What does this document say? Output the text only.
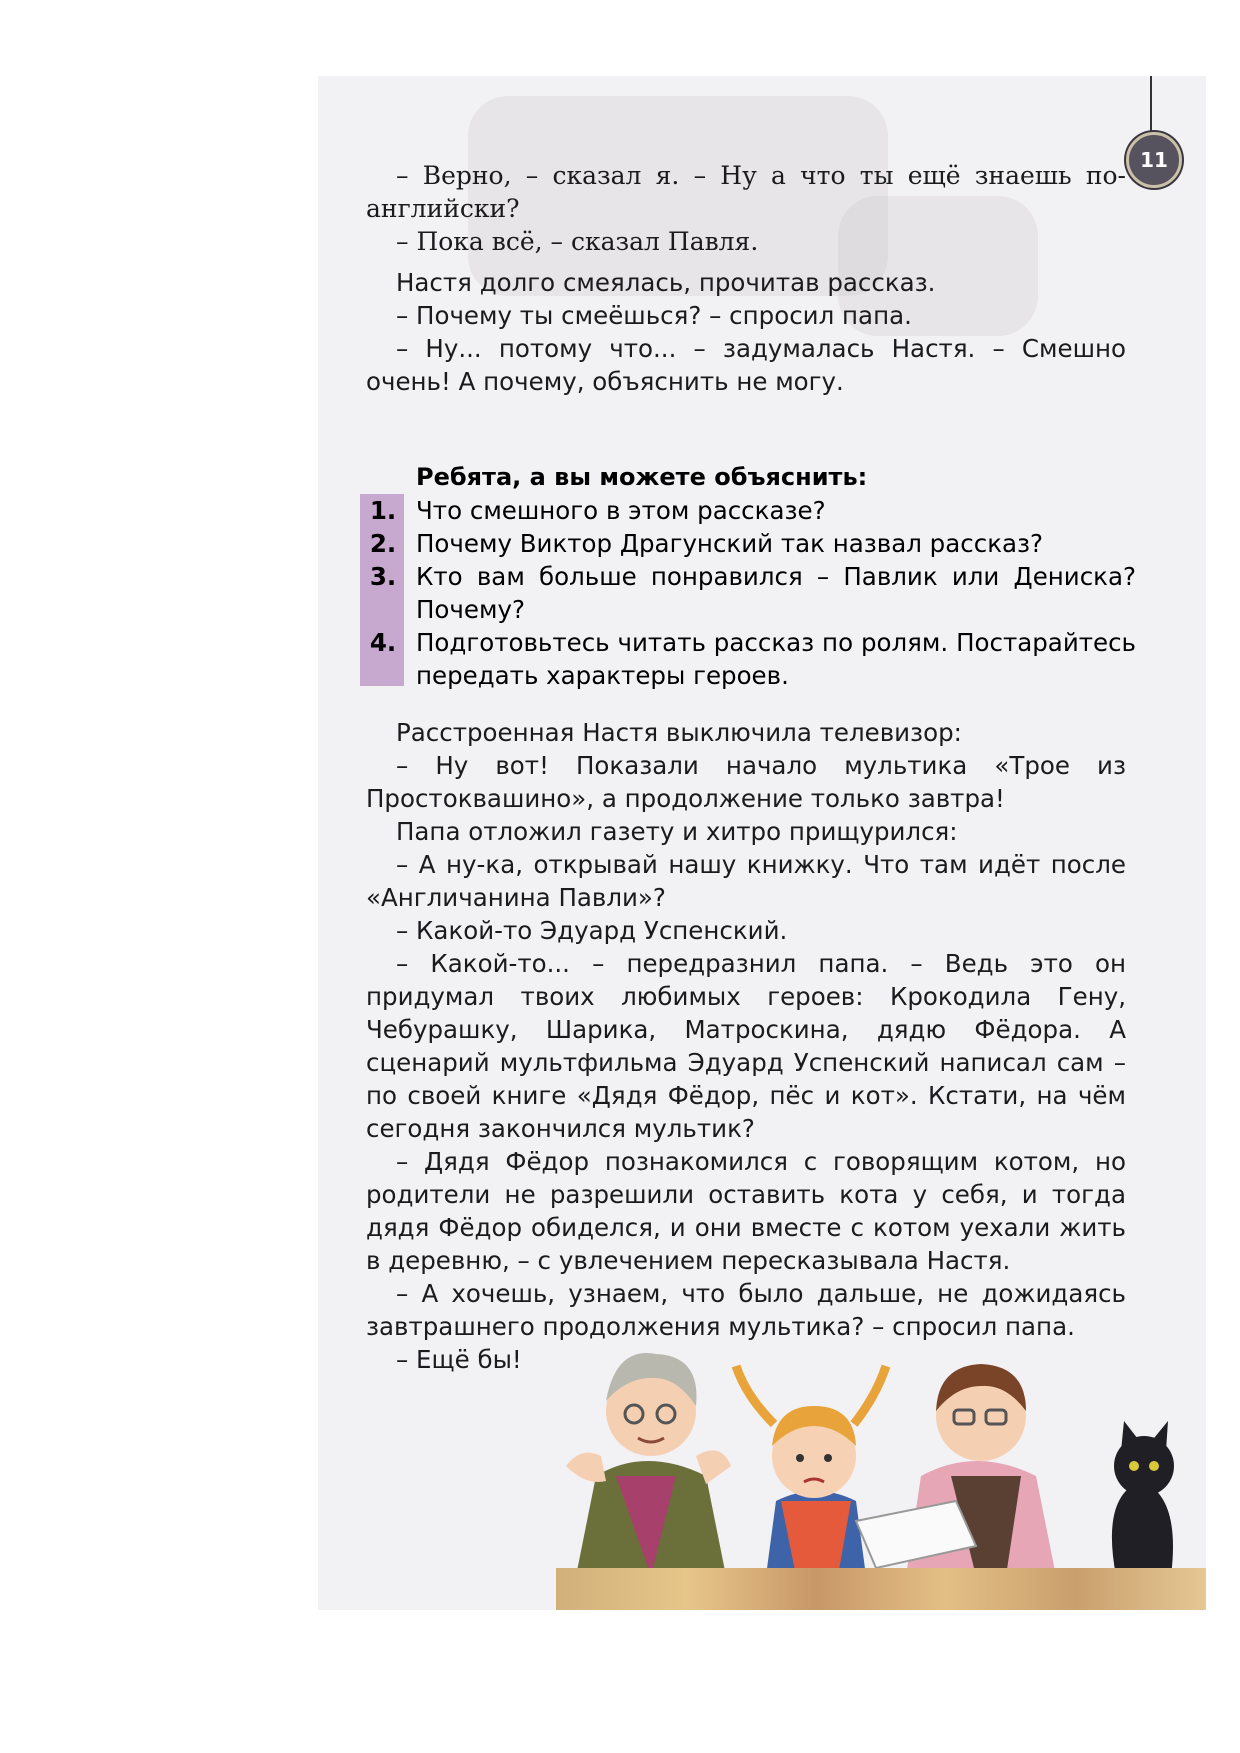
11

– Верно, – сказал я. – Ну а что ты ещё знаешь по-английски?

– Пока всё, – сказал Павля.

Настя долго смеялась, прочитав рассказ.

– Почему ты смеёшься? – спросил папа.

– Ну... потому что... – задумалась Настя. – Смешно очень! А почему, объяснить не могу.

Ребята, а вы можете объяснить:
1. Что смешного в этом рассказе?
2. Почему Виктор Драгунский так назвал рассказ?
3. Кто вам больше понравился – Павлик или Дениска? Почему?
4. Подготовьтесь читать рассказ по ролям. Постарайтесь передать характеры героев.

Расстроенная Настя выключила телевизор:

– Ну вот! Показали начало мультика «Трое из Простоквашино», а продолжение только завтра!

Папа отложил газету и хитро прищурился:

– А ну-ка, открывай нашу книжку. Что там идёт после «Англичанина Павли»?

– Какой-то Эдуард Успенский.

– Какой-то... – передразнил папа. – Ведь это он придумал твоих любимых героев: Крокодила Гену, Чебурашку, Шарика, Матроскина, дядю Фёдора. А сценарий мультфильма Эдуард Успенский написал сам – по своей книге «Дядя Фёдор, пёс и кот». Кстати, на чём сегодня закончился мультик?

– Дядя Фёдор познакомился с говорящим котом, но родители не разрешили оставить кота у себя, и тогда дядя Фёдор обиделся, и они вместе с котом уехали жить в деревню, – с увлечением пересказывала Настя.

– А хочешь, узнаем, что было дальше, не дожидаясь завтрашнего продолжения мультика? – спросил папа.

– Ещё бы!
